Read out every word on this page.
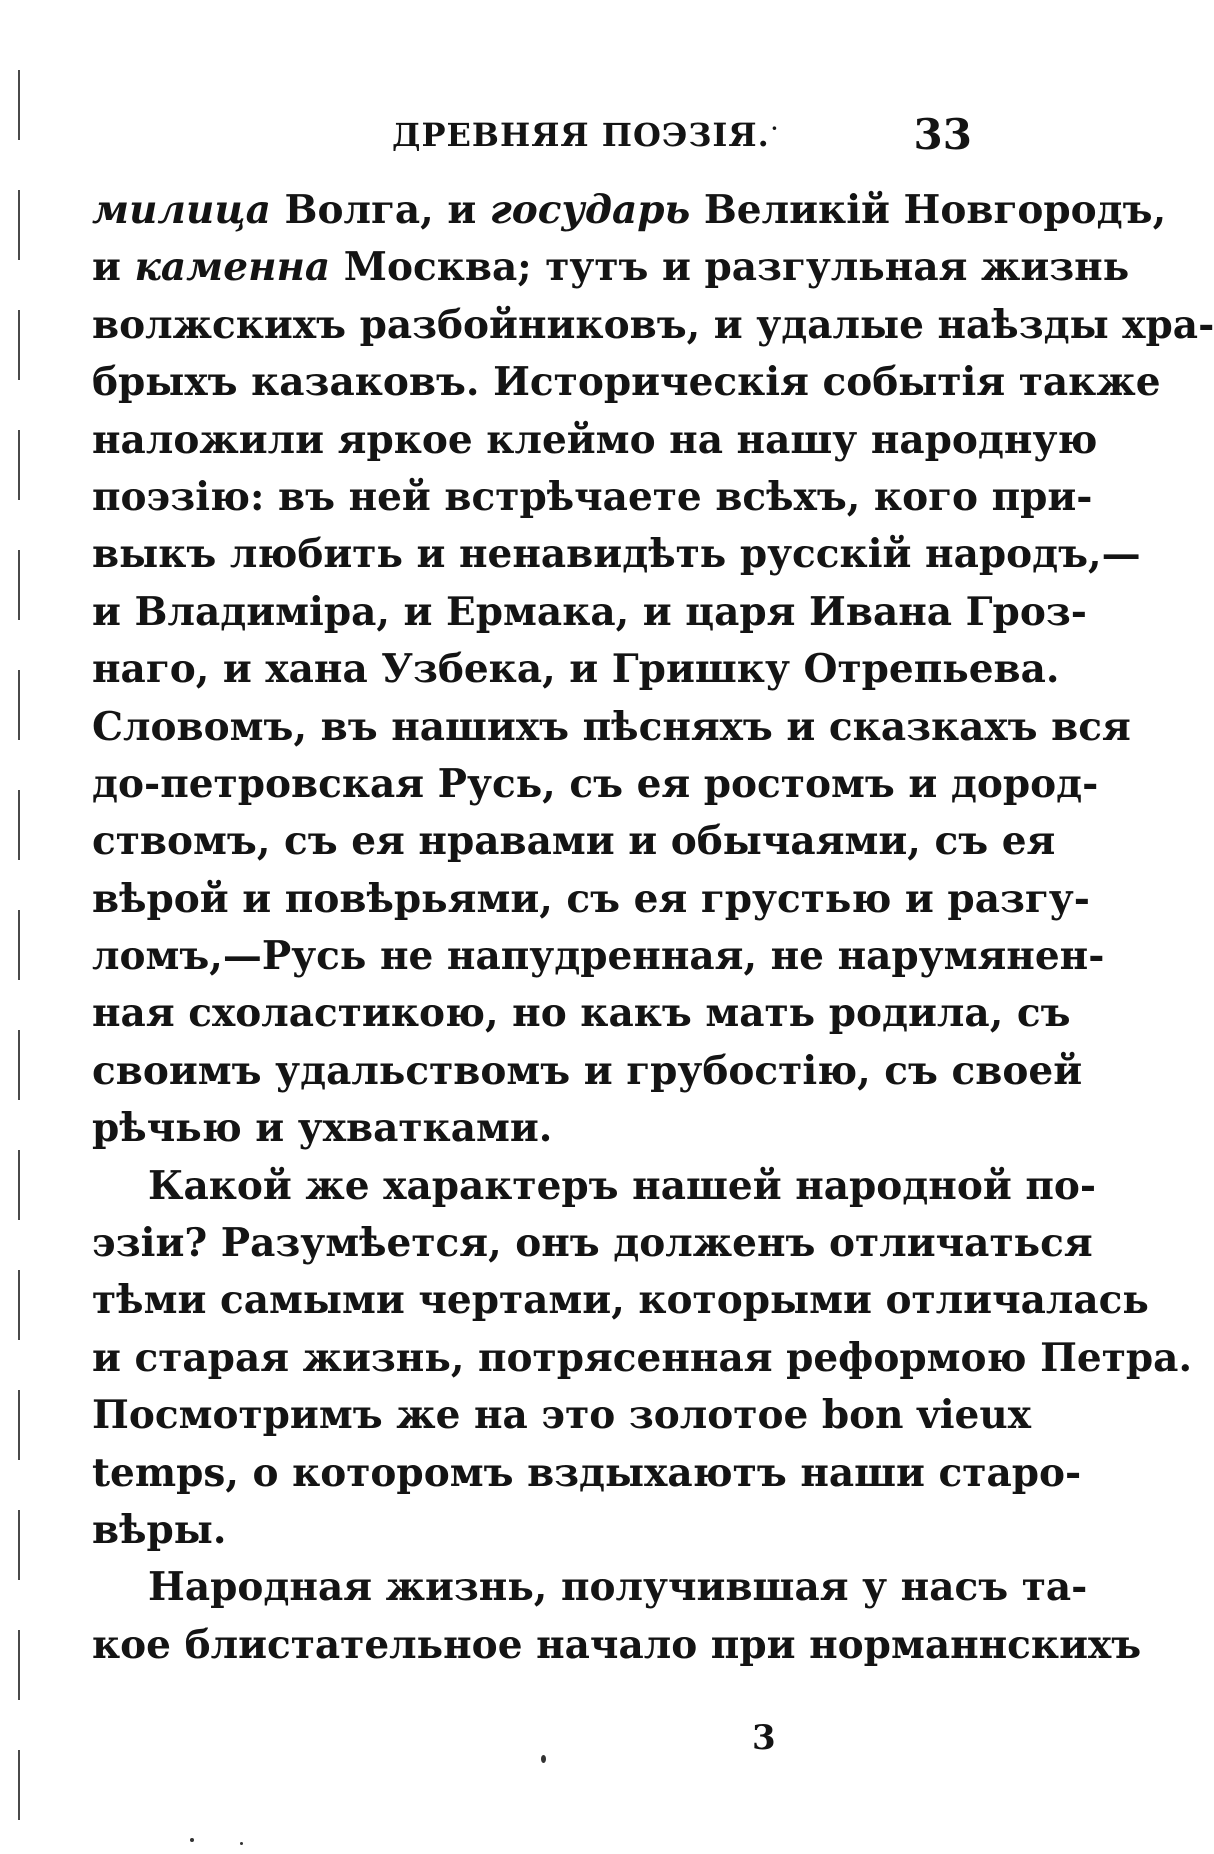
ДРЕВНЯЯ ПОЭЗІЯ. ·	33
милица Волга, и государь Великій Новгородъ,
и каменна Москва; тутъ и разгульная жизнь
волжскихъ разбойниковъ, и удалые наѣзды хра-
брыхъ казаковъ. Историческія событія также
наложили яркое клеймо на нашу народную
поэзію: въ ней встрѣчаете всѣхъ, кого при-
выкъ любить и ненавидѣть русскій народъ,—
и Владиміра, и Ермака, и царя Ивана Гроз-
наго, и хана Узбека, и Гришку Отрепьева.
Словомъ, въ нашихъ пѣсняхъ и сказкахъ вся
до-петровская Русь, съ ея ростомъ и дород-
ствомъ, съ ея нравами и обычаями, съ ея
вѣрой и повѣрьями, съ ея грустью и разгу-
ломъ,—Русь не напудренная, не нарумянен-
ная схоластикою, но какъ мать родила, съ
своимъ удальствомъ и грубостію, съ своей
рѣчью и ухватками.
Какой же характеръ нашей народной по-
эзіи? Разумѣется, онъ долженъ отличаться
тѣми самыми чертами, которыми отличалась
и старая жизнь, потрясенная реформою Петра.
Посмотримъ же на это золотое bon vieux
temps, о которомъ вздыхаютъ наши старо-
вѣры.
Народная жизнь, получившая у насъ та-
кое блистательное начало при норманнскихъ
3
